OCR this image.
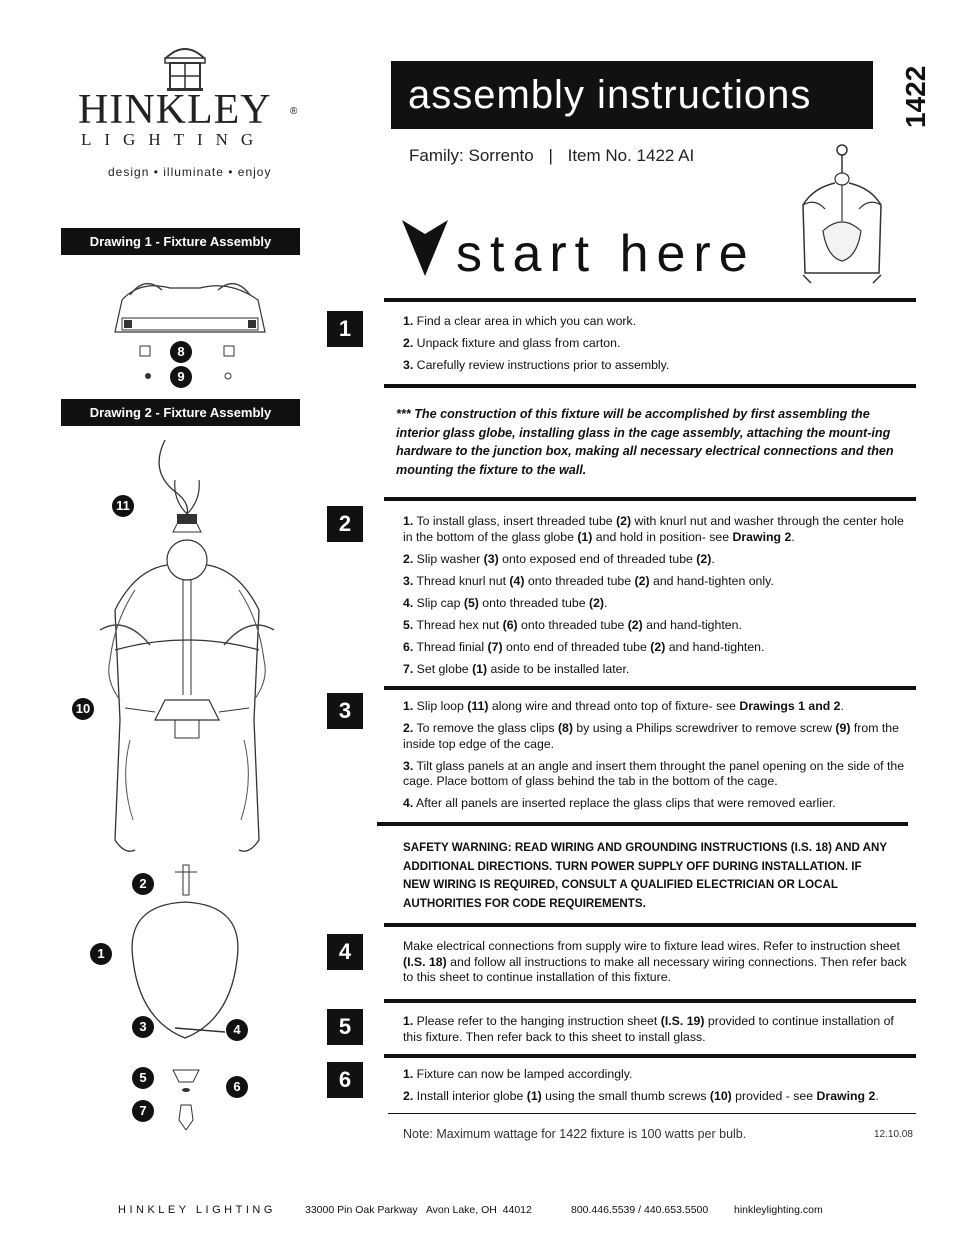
HINKLEY ®
LIGHTING
design • illuminate • enjoy
assembly instructions	1422
Family: Sorrento | Item No. 1422 AI
start here
Drawing 1 - Fixture Assembly
8
9
Drawing 2 - Fixture Assembly
11
10
2
1
3	4
5
6
7
1	1. Find a clear area in which you can work.

2. Unpack fixture and glass from carton.

3. Carefully review instructions prior to assembly.

*** The construction of this fixture will be accomplished by first assembling the interior glass globe, installing glass in the cage assembly, attaching the mount-ing hardware to the junction box, making all necessary electrical connections and then mounting the fixture to the wall.
2	1. To install glass, insert threaded tube (2) with knurl nut and washer through the center hole in the bottom of the glass globe (1) and hold in position- see Drawing 2.

2. Slip washer (3) onto exposed end of threaded tube (2).

3. Thread knurl nut (4) onto threaded tube (2) and hand-tighten only.

4. Slip cap (5) onto threaded tube (2).

5. Thread hex nut (6) onto threaded tube (2) and hand-tighten.

6. Thread finial (7) onto end of threaded tube (2) and hand-tighten.

7. Set globe (1) aside to be installed later.

3	1. Slip loop (11) along wire and thread onto top of fixture- see Drawings 1 and 2.

2. To remove the glass clips (8) by using a Philips screwdriver to remove screw (9) from the inside top edge of the cage.

3. Tilt glass panels at an angle and insert them throught the panel opening on the side of the cage. Place bottom of glass behind the tab in the bottom of the cage.

4. After all panels are inserted replace the glass clips that were removed earlier.

SAFETY WARNING: READ WIRING AND GROUNDING INSTRUCTIONS (I.S. 18) AND ANY ADDITIONAL DIRECTIONS. TURN POWER SUPPLY OFF DURING INSTALLATION. IF NEW WIRING IS REQUIRED, CONSULT A QUALIFIED ELECTRICIAN OR LOCAL AUTHORITIES FOR CODE REQUIREMENTS.
4	Make electrical connections from supply wire to fixture lead wires. Refer to instruction sheet (I.S. 18) and follow all instructions to make all necessary wiring connections. Then refer back to this sheet to continue installation of this fixture.
5	1. Please refer to the hanging instruction sheet (I.S. 19) provided to continue installation of this fixture. Then refer back to this sheet to install glass.
6	1. Fixture can now be lamped accordingly.

2. Install interior globe (1) using the small thumb screws (10) provided - see Drawing 2.

Note: Maximum wattage for 1422 fixture is 100 watts per bulb.	12.10.08
HINKLEY LIGHTING	33000 Pin Oak Parkway   Avon Lake, OH  44012	800.446.5539 / 440.653.5500 hinkleylighting.com
